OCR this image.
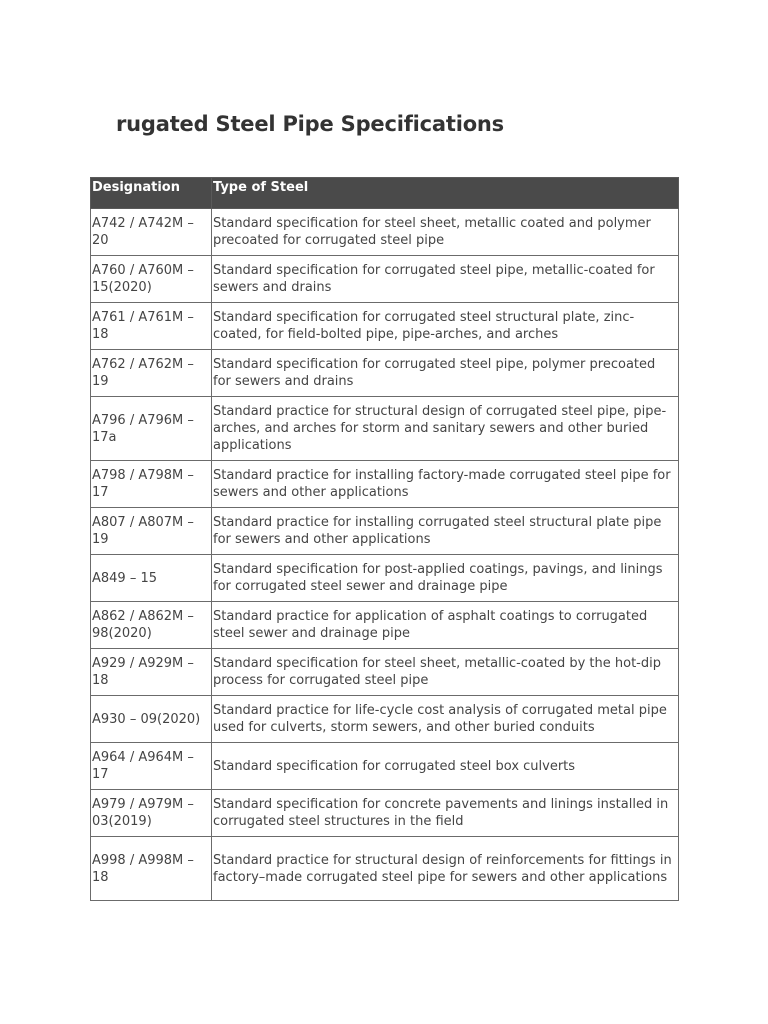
rugated Steel Pipe Specifications
Designation	Type of Steel
A742 / A742M – 20	Standard specification for steel sheet, metallic coated and polymer precoated for corrugated steel pipe
A760 / A760M – 15(2020)	Standard specification for corrugated steel pipe, metallic-coated for sewers and drains
A761 / A761M – 18	Standard specification for corrugated steel structural plate, zinc-coated, for field-bolted pipe, pipe-arches, and arches
A762 / A762M – 19	Standard specification for corrugated steel pipe, polymer precoated for sewers and drains
A796 / A796M – 17a	Standard practice for structural design of corrugated steel pipe, pipe-arches, and arches for storm and sanitary sewers and other buried applications
A798 / A798M – 17	Standard practice for installing factory-made corrugated steel pipe for sewers and other applications
A807 / A807M – 19	Standard practice for installing corrugated steel structural plate pipe for sewers and other applications
A849 – 15	Standard specification for post-applied coatings, pavings, and linings for corrugated steel sewer and drainage pipe
A862 / A862M – 98(2020)	Standard practice for application of asphalt coatings to corrugated steel sewer and drainage pipe
A929 / A929M – 18	Standard specification for steel sheet, metallic-coated by the hot-dip process for corrugated steel pipe
A930 – 09(2020)	Standard practice for life-cycle cost analysis of corrugated metal pipe used for culverts, storm sewers, and other buried conduits
A964 / A964M – 17	Standard specification for corrugated steel box culverts
A979 / A979M – 03(2019)	Standard specification for concrete pavements and linings installed in corrugated steel structures in the field
A998 / A998M – 18	Standard practice for structural design of reinforcements for fittings in factory–made corrugated steel pipe for sewers and other applications
